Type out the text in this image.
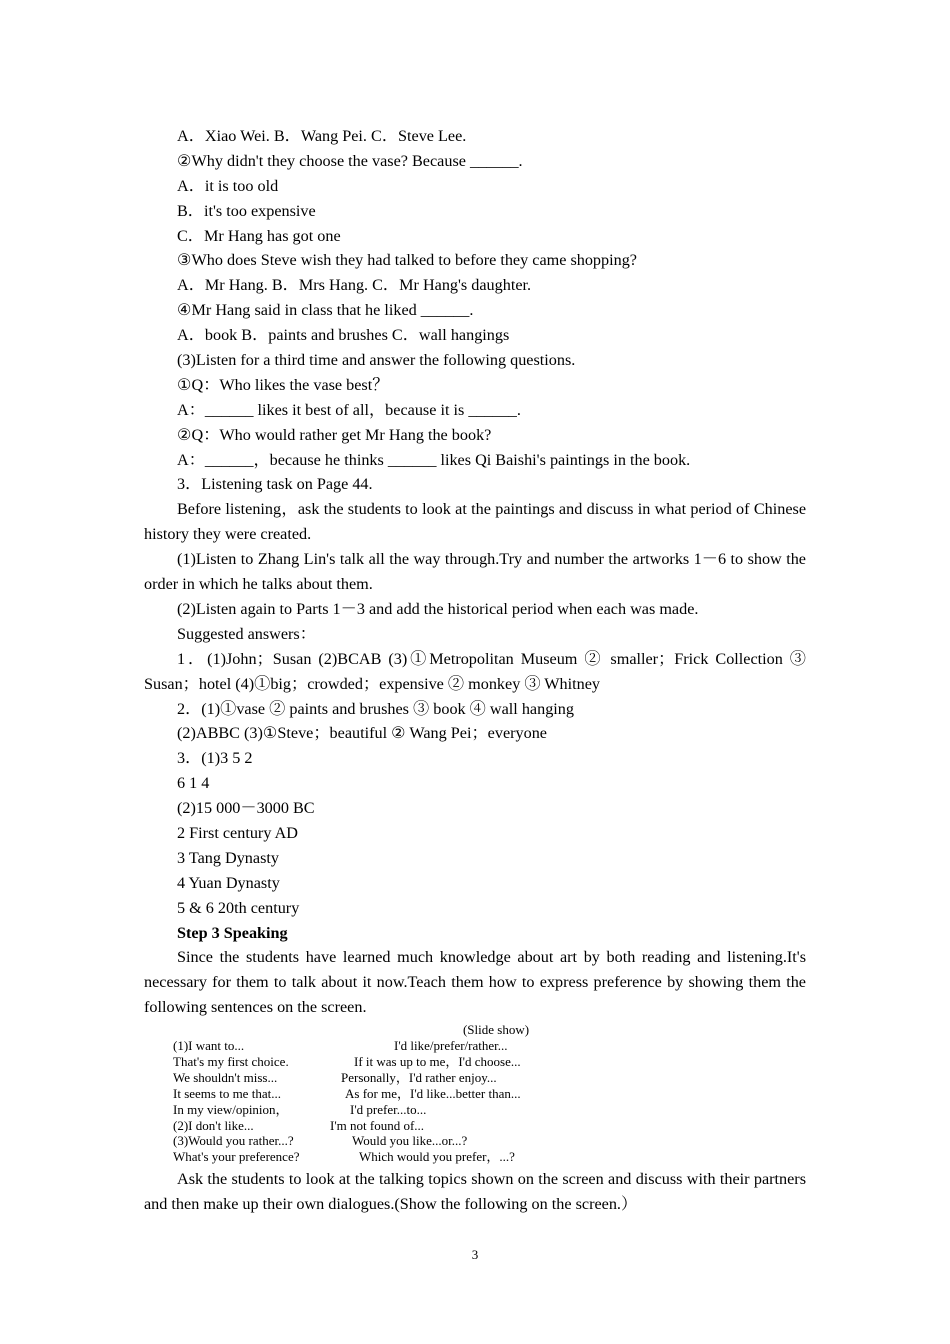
A．Xiao Wei. B．Wang Pei. C．Steve Lee.
②Why didn't they choose the vase? Because ______.
A．it is too old
B．it's too expensive
C．Mr Hang has got one
③Who does Steve wish they had talked to before they came shopping?
A．Mr Hang. B．Mrs Hang. C．Mr Hang's daughter.
④Mr Hang said in class that he liked ______.
A．book B．paints and brushes C．wall hangings
(3)Listen for a third time and answer the following questions.
①Q：Who likes the vase best？
A：______ likes it best of all，because it is ______.
②Q：Who would rather get Mr Hang the book?
A：______，because he thinks ______ likes Qi Baishi's paintings in the book.
3．Listening task on Page 44.
Before listening，ask the students to look at the paintings and discuss in what period of Chinese history they were created.
(1)Listen to Zhang Lin's talk all the way through.Try and number the artworks 1－6 to show the order in which he talks about them.
(2)Listen again to Parts 1－3 and add the historical period when each was made.
Suggested answers：
1．(1)John；Susan (2)BCAB (3)①Metropolitan Museum ② smaller；Frick Collection ③ Susan；hotel (4)①big；crowded；expensive ② monkey ③ Whitney
2．(1)①vase ② paints and brushes ③ book ④ wall hanging
(2)ABBC (3)①Steve；beautiful ② Wang Pei；everyone
3．(1)3 5 2
6 1 4
(2)15 000－3000 BC
2 First century AD
3 Tang Dynasty
4 Yuan Dynasty
5 & 6 20th century
Step 3 Speaking
Since the students have learned much knowledge about art by both reading and listening.It's necessary for them to talk about it now.Teach them how to express preference by showing them the following sentences on the screen.
(Slide show)
(1)I want to...	I'd like/prefer/rather...
That's my first choice.	If it was up to me，I'd choose...
We shouldn't miss...	Personally，I'd rather enjoy...
It seems to me that...	As for me，I'd like...better than...
In my view/opinion，	I'd prefer...to...
(2)I don't like...	I'm not found of...
(3)Would you rather...?	Would you like...or...?
What's your preference?	Which would you prefer，...?
Ask the students to look at the talking topics shown on the screen and discuss with their partners and then make up their own dialogues.(Show the following on the screen.）
3
